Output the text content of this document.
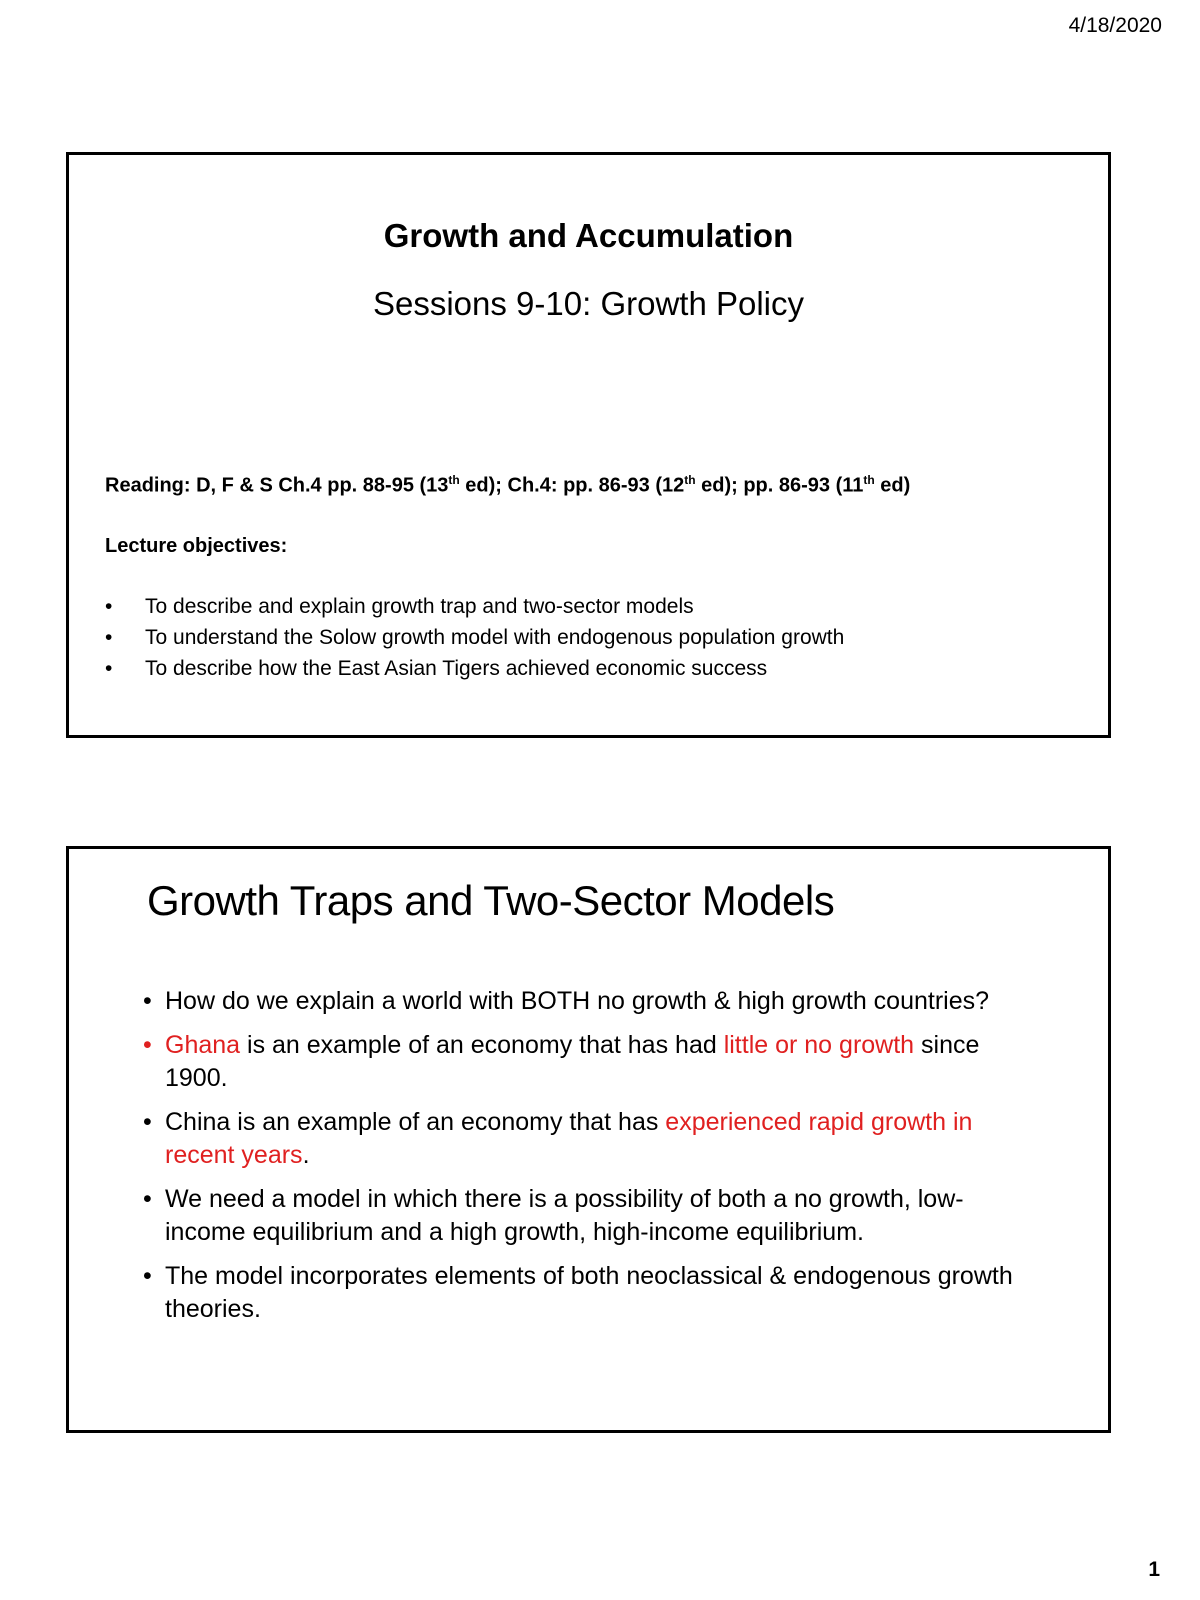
4/18/2020
Growth and Accumulation
Sessions 9-10: Growth Policy
Reading: D, F & S Ch.4 pp. 88-95 (13th ed); Ch.4: pp. 86-93 (12th ed); pp. 86-93 (11th ed)
Lecture objectives:
• To describe and explain growth trap and two-sector models
• To understand the Solow growth model with endogenous population growth
• To describe how the East Asian Tigers achieved economic success
Growth Traps and Two-Sector Models
• How do we explain a world with BOTH no growth & high growth countries?
• Ghana is an example of an economy that has had little or no growth since 1900.
• China is an example of an economy that has experienced rapid growth in recent years.
• We need a model in which there is a possibility of both a no growth, low-income equilibrium and a high growth, high-income equilibrium.
• The model incorporates elements of both neoclassical & endogenous growth theories.
1
